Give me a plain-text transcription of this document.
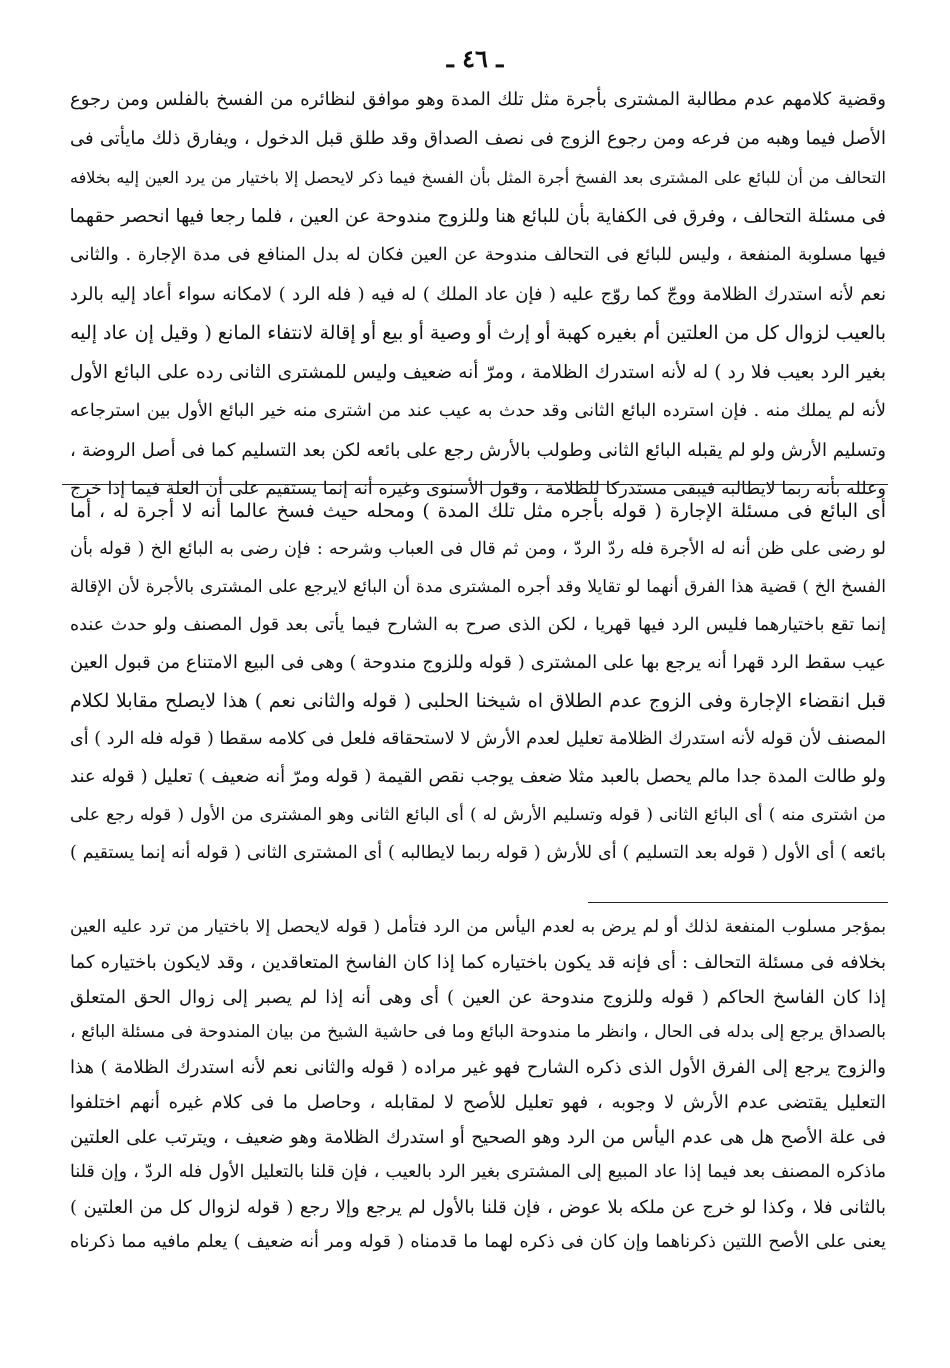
ـ ٤٦ ـ
وقضية كلامهم عدم مطالبة المشترى بأجرة مثل تلك المدة وهو موافق لنظائره من الفسخ بالفلس ومن رجوع
الأصل فيما وهبه من فرعه ومن رجوع الزوج فى نصف الصداق وقد طلق قبل الدخول ، ويفارق ذلك مايأتى فى
التحالف من أن للبائع على المشترى بعد الفسخ أجرة المثل بأن الفسخ فيما ذكر لايحصل إلا باختيار من يرد العين إليه بخلافه
فى مسئلة التحالف ، وفرق فى الكفاية بأن للبائع هنا وللزوج مندوحة عن العين ، فلما رجعا فيها انحصر حقهما
فيها مسلوبة المنفعة ، وليس للبائع فى التحالف مندوحة عن العين فكان له بدل المنافع فى مدة الإجارة . والثانى
نعم لأنه استدرك الظلامة ووجّ كما روّج عليه ( فإن عاد الملك ) له فيه ( فله الرد ) لامكانه سواء أعاد إليه بالرد
بالعيب لزوال كل من العلتين أم بغيره كهبة أو إرث أو وصية أو بيع أو إقالة لانتفاء المانع ( وقيل إن عاد إليه
بغير الرد بعيب فلا رد ) له لأنه استدرك الظلامة ، ومرّ أنه ضعيف وليس للمشترى الثانى رده على البائع الأول
لأنه لم يملك منه . فإن استرده البائع الثانى وقد حدث به عيب عند من اشترى منه خير البائع الأول بين استرجاعه
وتسليم الأرش ولو لم يقبله البائع الثانى وطولب بالأرش رجع على بائعه لكن بعد التسليم كما فى أصل الروضة ،
وعلله بأنه ربما لايطالبه فيبقى مستدركا للظلامة ، وقول الأسنوى وغيره أنه إنما يستقيم على أن العلة فيما إذا خرج
أى البائع فى مسئلة الإجارة ( قوله بأجره مثل تلك المدة ) ومحله حيث فسخ عالما أنه لا أجرة له ، أما
لو رضى على ظن أنه له الأجرة فله ردّ الردّ ، ومن ثم قال فى العباب وشرحه : فإن رضى به البائع الخ ( قوله بأن
الفسخ الخ ) قضية هذا الفرق أنهما لو تقايلا وقد أجره المشترى مدة أن البائع لايرجع على المشترى بالأجرة لأن الإقالة
إنما تقع باختيارهما فليس الرد فيها قهريا ، لكن الذى صرح به الشارح فيما يأتى بعد قول المصنف ولو حدث عنده
عيب سقط الرد قهرا أنه يرجع بها على المشترى ( قوله وللزوج مندوحة ) وهى فى البيع الامتناع من قبول العين
قبل انقضاء الإجارة وفى الزوج عدم الطلاق اه شيخنا الحلبى ( قوله والثانى نعم ) هذا لايصلح مقابلا لكلام
المصنف لأن قوله لأنه استدرك الظلامة تعليل لعدم الأرش لا لاستحقاقه فلعل فى كلامه سقطا ( قوله فله الرد ) أى
ولو طالت المدة جدا مالم يحصل بالعبد مثلا ضعف يوجب نقص القيمة ( قوله ومرّ أنه ضعيف ) تعليل ( قوله عند
من اشترى منه ) أى البائع الثانى ( قوله وتسليم الأرش له ) أى البائع الثانى وهو المشترى من الأول ( قوله رجع على
بائعه ) أى الأول ( قوله بعد التسليم ) أى للأرش ( قوله ربما لايطالبه ) أى المشترى الثانى ( قوله أنه إنما يستقيم )
بمؤجر مسلوب المنفعة لذلك أو لم يرض به لعدم اليأس من الرد فتأمل ( قوله لايحصل إلا باختيار من ترد عليه العين
بخلافه فى مسئلة التحالف : أى فإنه قد يكون باختياره كما إذا كان الفاسخ المتعاقدين ، وقد لايكون باختياره كما
إذا كان الفاسخ الحاكم ( قوله وللزوج مندوحة عن العين ) أى وهى أنه إذا لم يصبر إلى زوال الحق المتعلق
بالصداق يرجع إلى بدله فى الحال ، وانظر ما مندوحة البائع وما فى حاشية الشيخ من بيان المندوحة فى مسئلة البائع ،
والزوج يرجع إلى الفرق الأول الذى ذكره الشارح فهو غير مراده ( قوله والثانى نعم لأنه استدرك الظلامة ) هذا
التعليل يقتضى عدم الأرش لا وجوبه ، فهو تعليل للأصح لا لمقابله ، وحاصل ما فى كلام غيره أنهم اختلفوا
فى علة الأصح هل هى عدم اليأس من الرد وهو الصحيح أو استدرك الظلامة وهو ضعيف ، ويترتب على العلتين
ماذكره المصنف بعد فيما إذا عاد المبيع إلى المشترى بغير الرد بالعيب ، فإن قلنا بالتعليل الأول فله الردّ ، وإن قلنا
بالثانى فلا ، وكذا لو خرج عن ملكه بلا عوض ، فإن قلنا بالأول لم يرجع وإلا رجع ( قوله لزوال كل من العلتين )
يعنى على الأصح اللتين ذكرناهما وإن كان فى ذكره لهما ما قدمناه ( قوله ومر أنه ضعيف ) يعلم مافيه مما ذكرناه
